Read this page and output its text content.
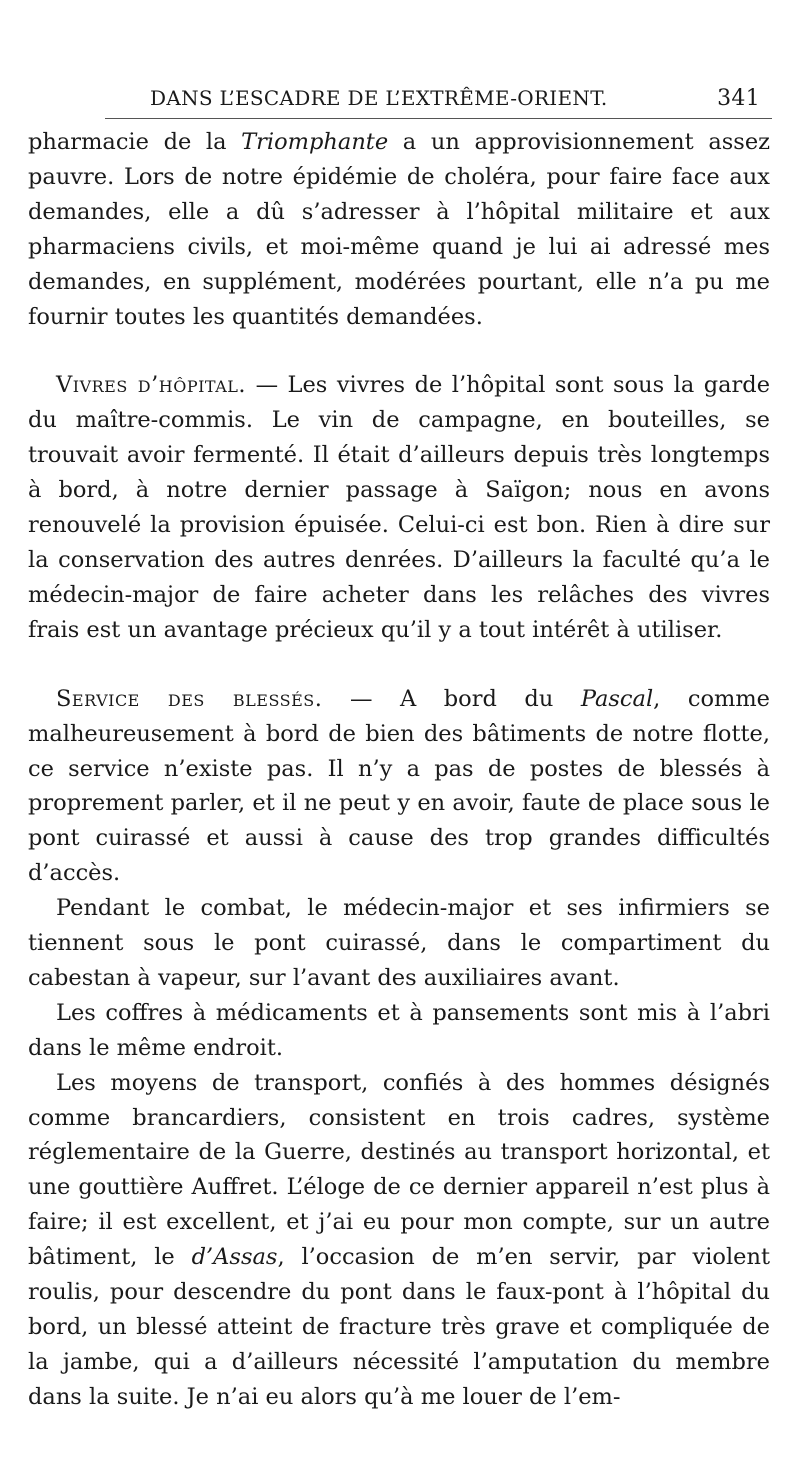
DANS L’ESCADRE DE L’EXTRÊME-ORIENT.	341

pharmacie de la Triomphante a un approvisionnement assez pauvre. Lors de notre épidémie de choléra, pour faire face aux demandes, elle a dû s’adresser à l’hôpital militaire et aux pharmaciens civils, et moi-même quand je lui ai adressé mes demandes, en supplément, modérées pourtant, elle n’a pu me fournir toutes les quantités demandées.

Vivres d’hôpital. — Les vivres de l’hôpital sont sous la garde du maître-commis. Le vin de campagne, en bouteilles, se trouvait avoir fermenté. Il était d’ailleurs depuis très longtemps à bord, à notre dernier passage à Saïgon; nous en avons renouvelé la provision épuisée. Celui-ci est bon. Rien à dire sur la conservation des autres denrées. D’ailleurs la faculté qu’a le médecin-major de faire acheter dans les relâches des vivres frais est un avantage précieux qu’il y a tout intérêt à utiliser.

Service des blessés. — A bord du Pascal, comme malheureusement à bord de bien des bâtiments de notre flotte, ce service n’existe pas. Il n’y a pas de postes de blessés à proprement parler, et il ne peut y en avoir, faute de place sous le pont cuirassé et aussi à cause des trop grandes difficultés d’accès.

Pendant le combat, le médecin-major et ses infirmiers se tiennent sous le pont cuirassé, dans le compartiment du cabestan à vapeur, sur l’avant des auxiliaires avant.

Les coffres à médicaments et à pansements sont mis à l’abri dans le même endroit.

Les moyens de transport, confiés à des hommes désignés comme brancardiers, consistent en trois cadres, système réglementaire de la Guerre, destinés au transport horizontal, et une gouttière Auffret. L’éloge de ce dernier appareil n’est plus à faire; il est excellent, et j’ai eu pour mon compte, sur un autre bâtiment, le d’Assas, l’occasion de m’en servir, par violent roulis, pour descendre du pont dans le faux-pont à l’hôpital du bord, un blessé atteint de fracture très grave et compliquée de la jambe, qui a d’ailleurs nécessité l’amputation du membre dans la suite. Je n’ai eu alors qu’à me louer de l’em-
